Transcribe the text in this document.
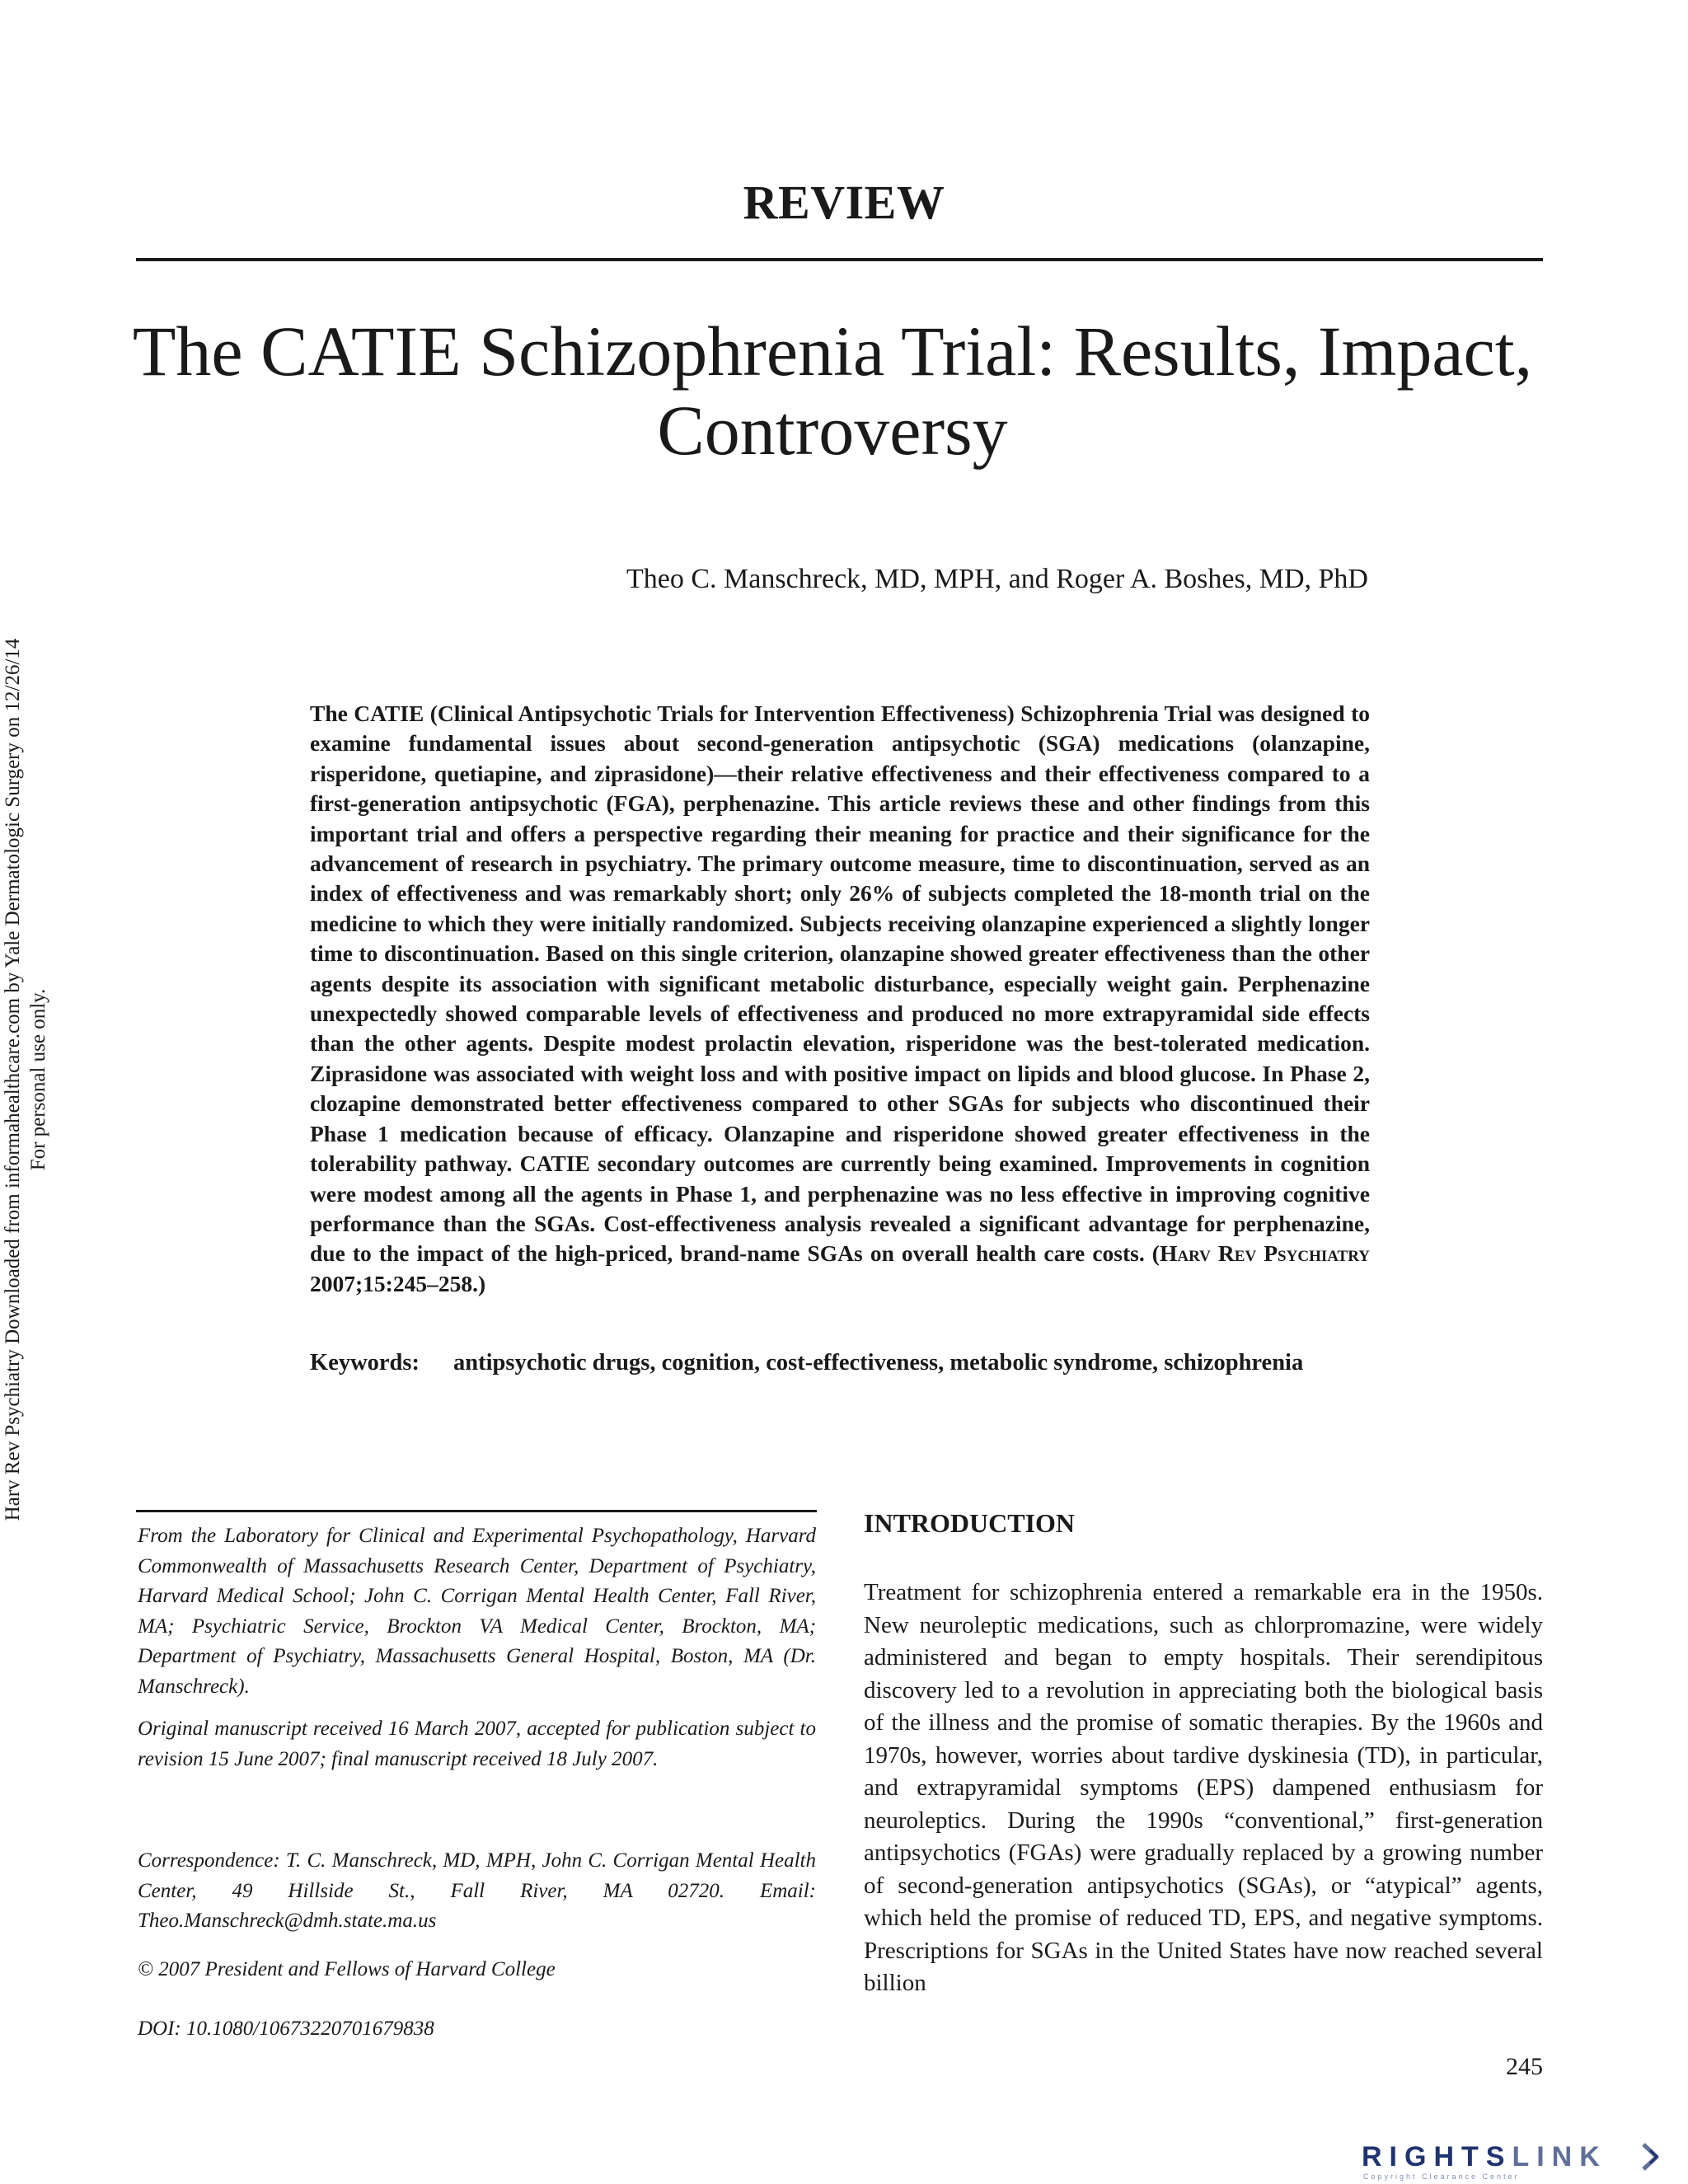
Harv Rev Psychiatry Downloaded from informahealthcare.com by Yale Dermatologic Surgery on 12/26/14 For personal use only.
REVIEW
The CATIE Schizophrenia Trial: Results, Impact,
Controversy
Theo C. Manschreck, MD, MPH, and Roger A. Boshes, MD, PhD
The CATIE (Clinical Antipsychotic Trials for Intervention Effectiveness) Schizophrenia Trial was designed to examine fundamental issues about second-generation antipsychotic (SGA) medications (olanzapine, risperidone, quetiapine, and ziprasidone)—their relative effectiveness and their effectiveness compared to a first-generation antipsychotic (FGA), perphenazine. This article reviews these and other findings from this important trial and offers a perspective regarding their meaning for practice and their significance for the advancement of research in psychiatry. The primary outcome measure, time to discontinuation, served as an index of effectiveness and was remarkably short; only 26% of subjects completed the 18-month trial on the medicine to which they were initially randomized. Subjects receiving olanzapine experienced a slightly longer time to discontinuation. Based on this single criterion, olanzapine showed greater effectiveness than the other agents despite its association with significant metabolic disturbance, especially weight gain. Perphenazine unexpectedly showed comparable levels of effectiveness and produced no more extrapyramidal side effects than the other agents. Despite modest prolactin elevation, risperidone was the best-tolerated medication. Ziprasidone was associated with weight loss and with positive impact on lipids and blood glucose. In Phase 2, clozapine demonstrated better effectiveness compared to other SGAs for subjects who discontinued their Phase 1 medication because of efficacy. Olanzapine and risperidone showed greater effectiveness in the tolerability pathway. CATIE secondary outcomes are currently being examined. Improvements in cognition were modest among all the agents in Phase 1, and perphenazine was no less effective in improving cognitive performance than the SGAs. Cost-effectiveness analysis revealed a significant advantage for perphenazine, due to the impact of the high-priced, brand-name SGAs on overall health care costs. (Harv Rev Psychiatry 2007;15:245–258.)
Keywords: antipsychotic drugs, cognition, cost-effectiveness, metabolic syndrome, schizophrenia
From the Laboratory for Clinical and Experimental Psychopathology, Harvard Commonwealth of Massachusetts Research Center, Department of Psychiatry, Harvard Medical School; John C. Corrigan Mental Health Center, Fall River, MA; Psychiatric Service, Brockton VA Medical Center, Brockton, MA; Department of Psychiatry, Massachusetts General Hospital, Boston, MA (Dr. Manschreck).
Original manuscript received 16 March 2007, accepted for publication subject to revision 15 June 2007; final manuscript received 18 July 2007.
Correspondence: T. C. Manschreck, MD, MPH, John C. Corrigan Mental Health Center, 49 Hillside St., Fall River, MA 02720. Email: Theo.Manschreck@dmh.state.ma.us
© 2007 President and Fellows of Harvard College
DOI: 10.1080/10673220701679838
INTRODUCTION
Treatment for schizophrenia entered a remarkable era in the 1950s. New neuroleptic medications, such as chlorpromazine, were widely administered and began to empty hospitals. Their serendipitous discovery led to a revolution in appreciating both the biological basis of the illness and the promise of somatic therapies. By the 1960s and 1970s, however, worries about tardive dyskinesia (TD), in particular, and extrapyramidal symptoms (EPS) dampened enthusiasm for neuroleptics. During the 1990s “conventional,” first-generation antipsychotics (FGAs) were gradually replaced by a growing number of second-generation antipsychotics (SGAs), or “atypical” agents, which held the promise of reduced TD, EPS, and negative symptoms. Prescriptions for SGAs in the United States have now reached several billion
245
RIGHTSLINK
Copyright Clearance Center
